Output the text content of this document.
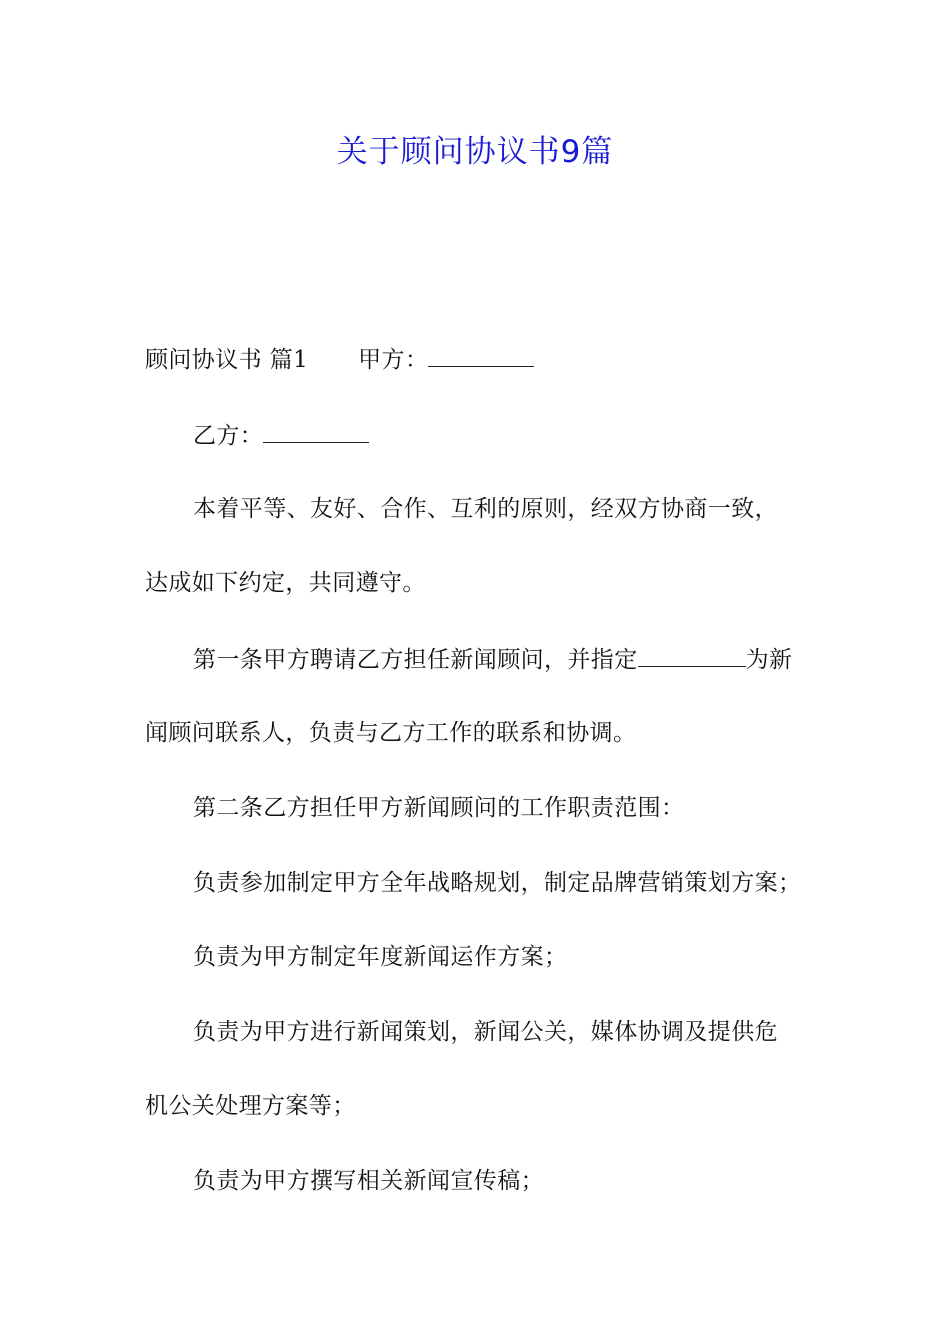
关于顾问协议书9篇
顾问协议书 篇1 甲方：
乙方：
本着平等、友好、合作、互利的原则，经双方协商一致，
达成如下约定，共同遵守。
第一条甲方聘请乙方担任新闻顾问，并指定	为新
闻顾问联系人，负责与乙方工作的联系和协调。
第二条乙方担任甲方新闻顾问的工作职责范围：
负责参加制定甲方全年战略规划，制定品牌营销策划方案；
负责为甲方制定年度新闻运作方案；
负责为甲方进行新闻策划，新闻公关，媒体协调及提供危
机公关处理方案等；
负责为甲方撰写相关新闻宣传稿；
